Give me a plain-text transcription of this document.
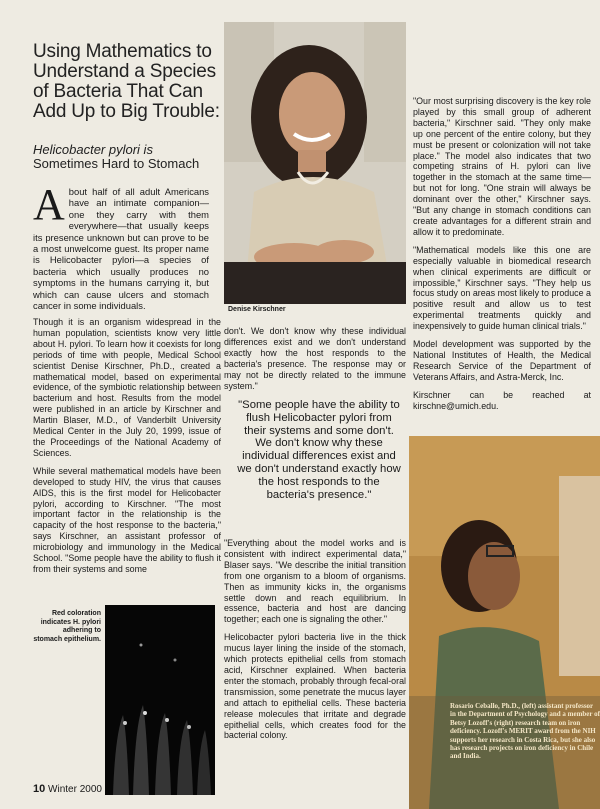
Using Mathematics to Understand a Species of Bacteria That Can Add Up to Big Trouble:
Helicobacter pylori is
Sometimes Hard to Stomach
A bout half of all adult Americans have an intimate companion—one they carry with them everywhere—that usually keeps its presence unknown but can prove to be a most unwelcome guest. Its proper name is Helicobacter pylori—a species of bacteria which usually produces no symptoms in the humans carrying it, but which can cause ulcers and stomach cancer in some individuals.

Though it is an organism widespread in the human population, scientists know very little about H. pylori. To learn how it coexists for long periods of time with people, Medical School scientist Denise Kirschner, Ph.D., created a mathematical model, based on experimental evidence, of the symbiotic relationship between bacterium and host. Results from the model were published in an article by Kirschner and Martin Blaser, M.D., of Vanderbilt University Medical Center in the July 20, 1999, issue of the Proceedings of the National Academy of Sciences.

While several mathematical models have been developed to study HIV, the virus that causes AIDS, this is the first model for Helicobacter pylori, according to Kirschner. "The most important factor in the relationship is the capacity of the host response to the bacteria," says Kirschner, an assistant professor of microbiology and immunology in the Medical School. "Some people have the ability to flush it from their systems and some

Denise Kirschner

don't. We don't know why these individual differences exist and we don't understand exactly how the host responds to the bacteria's presence. The response may or may not be directly related to the immune system."

"Some people have the ability to flush Helicobacter pylori from their systems and some don't. We don't know why these individual differences exist and we don't understand exactly how the host responds to the bacteria's presence."

"Everything about the model works and is consistent with indirect experimental data," Blaser says. "We describe the initial transition from one organism to a bloom of organisms. Then as immunity kicks in, the organisms settle down and reach equilibrium. In essence, bacteria and host are dancing together; each one is signaling the other."

Helicobacter pylori bacteria live in the thick mucus layer lining the inside of the stomach, which protects epithelial cells from stomach acid, Kirschner explained. When bacteria enter the stomach, probably through fecal-oral transmission, some penetrate the mucus layer and attach to epithelial cells. These bacteria release molecules that irritate and degrade epithelial cells, which creates food for the bacterial colony.

"Our most surprising discovery is the key role played by this small group of adherent bacteria," Kirschner said. "They only make up one percent of the entire colony, but they must be present or colonization will not take place." The model also indicates that two competing strains of H. pylori can live together in the stomach at the same time—but not for long. "One strain will always be dominant over the other," Kirschner says. "But any change in stomach conditions can create advantages for a different strain and allow it to predominate.

"Mathematical models like this one are especially valuable in biomedical research when clinical experiments are difficult or impossible," Kirschner says. "They help us focus study on areas most likely to produce a positive result and allow us to test experimental treatments quickly and inexpensively to guide human clinical trials."

Model development was supported by the National Institutes of Health, the Medical Research Service of the Department of Veterans Affairs, and Astra-Merck, Inc.

Kirschner can be reached at kirschne@umich.edu.

Red coloration indicates H. pylori adhering to stomach epithelium.
Rosario Ceballo, Ph.D., (left) assistant professor in the Department of Psychology and a member of Betsy Lozoff's (right) research team on iron deficiency. Lozoff's MERIT award from the NIH supports her research in Costa Rica, but she also has research projects on iron deficiency in Chile and India.
10 Winter 2000
